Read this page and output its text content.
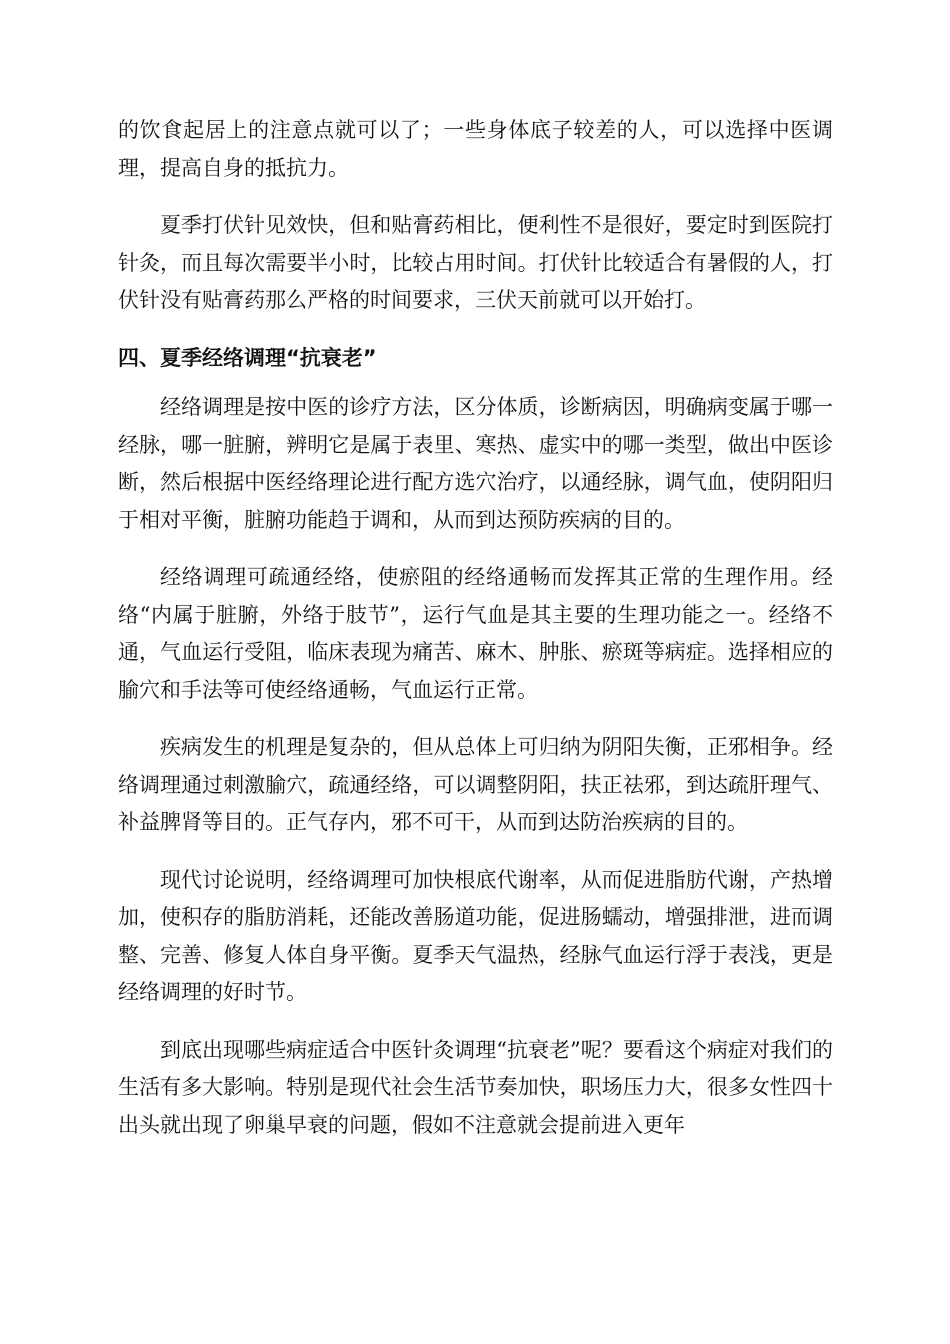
的饮食起居上的注意点就可以了；一些身体底子较差的人，可以选择中医调理，提高自身的抵抗力。

夏季打伏针见效快，但和贴膏药相比，便利性不是很好，要定时到医院打针灸，而且每次需要半小时，比较占用时间。打伏针比较适合有暑假的人，打伏针没有贴膏药那么严格的时间要求，三伏天前就可以开始打。

四、夏季经络调理“抗衰老”

经络调理是按中医的诊疗方法，区分体质，诊断病因，明确病变属于哪一经脉，哪一脏腑，辨明它是属于表里、寒热、虚实中的哪一类型，做出中医诊断，然后根据中医经络理论进行配方选穴治疗，以通经脉，调气血，使阴阳归于相对平衡，脏腑功能趋于调和，从而到达预防疾病的目的。

经络调理可疏通经络，使瘀阻的经络通畅而发挥其正常的生理作用。经络“内属于脏腑，外络于肢节”，运行气血是其主要的生理功能之一。经络不通，气血运行受阻，临床表现为痛苦、麻木、肿胀、瘀斑等病症。选择相应的腧穴和手法等可使经络通畅，气血运行正常。

疾病发生的机理是复杂的，但从总体上可归纳为阴阳失衡，正邪相争。经络调理通过刺激腧穴，疏通经络，可以调整阴阳，扶正祛邪，到达疏肝理气、补益脾肾等目的。正气存内，邪不可干，从而到达防治疾病的目的。

现代讨论说明，经络调理可加快根底代谢率，从而促进脂肪代谢，产热增加，使积存的脂肪消耗，还能改善肠道功能，促进肠蠕动，增强排泄，进而调整、完善、修复人体自身平衡。夏季天气温热，经脉气血运行浮于表浅，更是经络调理的好时节。

到底出现哪些病症适合中医针灸调理“抗衰老”呢？要看这个病症对我们的生活有多大影响。特别是现代社会生活节奏加快，职场压力大，很多女性四十出头就出现了卵巢早衰的问题，假如不注意就会提前进入更年
